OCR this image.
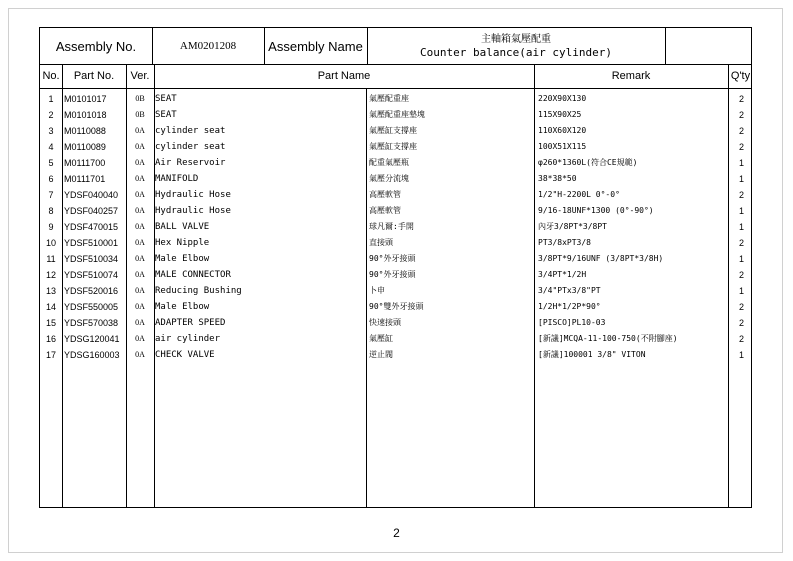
Assembly No.	AM0201208	Assembly Name	主軸箱氣壓配重
Counter balance(air cylinder)
No.	Part No.	Ver.	Part Name	Remark	Q'ty
1	M0101017	0B	SEAT	氣壓配重座	220X90X130	2
2	M0101018	0B	SEAT	氣壓配重座墊塊	115X90X25	2
3	M0110088	0A	cylinder seat	氣壓缸支撐座	110X60X120	2
4	M0110089	0A	cylinder seat	氣壓缸支撐座	100X51X115	2
5	M0111700	0A	Air Reservoir	配重氣壓瓶	φ260*1360L(符合CE規範)	1
6	M0111701	0A	MANIFOLD	氣壓分流塊	38*38*50	1
7	YDSF040040	0A	Hydraulic Hose	高壓軟管	1/2"H-2200L 0°-0°	2
8	YDSF040257	0A	Hydraulic Hose	高壓軟管	9/16-18UNF*1300 (0°-90°)	1
9	YDSF470015	0A	BALL VALVE	球凡爾:手開	內牙3/8PT*3/8PT	1
10 YDSF510001	0A	Hex Nipple	直接頭	PT3/8xPT3/8	2
11 YDSF510034	0A	Male Elbow	90°外牙接頭	3/8PT*9/16UNF (3/8PT*3/8H)	1
12 YDSF510074	0A	MALE CONNECTOR	90°外牙接頭	3/4PT*1/2H	2
13 YDSF520016	0A	Reducing Bushing	卜申	3/4"PTx3/8"PT	1
14 YDSF550005	0A	Male Elbow	90°雙外牙接頭	1/2H*1/2P*90°	2
15 YDSF570038	0A	ADAPTER SPEED	快速接頭	[PISCO]PL10-03	2
16 YDSG120041	0A	air cylinder	氣壓缸	[新議]MCQA-11-100-750(不附腳座)	2
17 YDSG160003	0A	CHECK VALVE	逆止閥	[新議]100001 3/8" VITON	1
2
